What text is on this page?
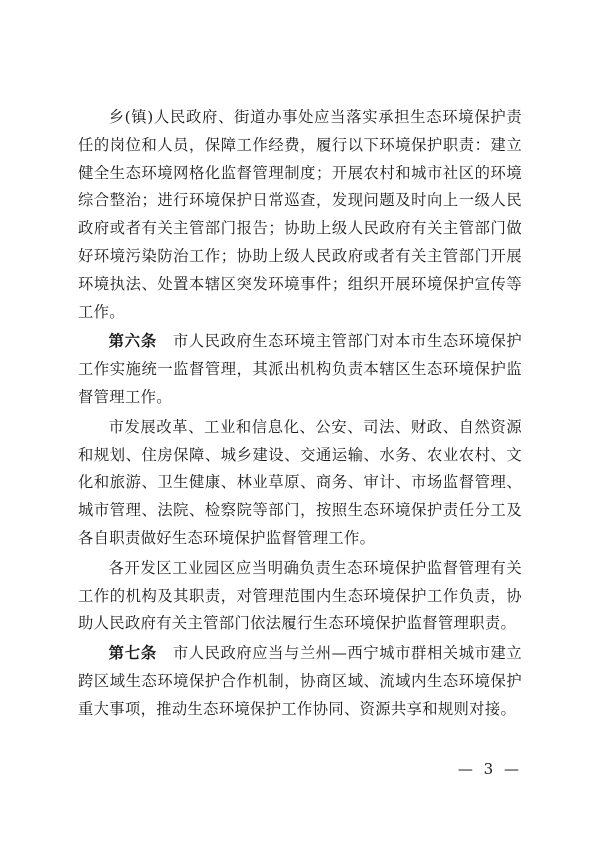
乡(镇)人民政府、街道办事处应当落实承担生态环境保护责任的岗位和人员，保障工作经费，履行以下环境保护职责：建立健全生态环境网格化监督管理制度；开展农村和城市社区的环境综合整治；进行环境保护日常巡查，发现问题及时向上一级人民政府或者有关主管部门报告；协助上级人民政府有关主管部门做好环境污染防治工作；协助上级人民政府或者有关主管部门开展环境执法、处置本辖区突发环境事件；组织开展环境保护宣传等工作。

第六条　 市人民政府生态环境主管部门对本市生态环境保护工作实施统一监督管理，其派出机构负责本辖区生态环境保护监督管理工作。

市发展改革、工业和信息化、公安、司法、财政、自然资源和规划、住房保障、城乡建设、交通运输、水务、农业农村、文化和旅游、卫生健康、林业草原、商务、审计、市场监督管理、城市管理、法院、检察院等部门，按照生态环境保护责任分工及各自职责做好生态环境保护监督管理工作。

各开发区工业园区应当明确负责生态环境保护监督管理有关工作的机构及其职责，对管理范围内生态环境保护工作负责，协助人民政府有关主管部门依法履行生态环境保护监督管理职责。

第七条　 市人民政府应当与兰州—西宁城市群相关城市建立跨区域生态环境保护合作机制，协商区域、流域内生态环境保护重大事项，推动生态环境保护工作协同、资源共享和规则对接。

— 3 —
